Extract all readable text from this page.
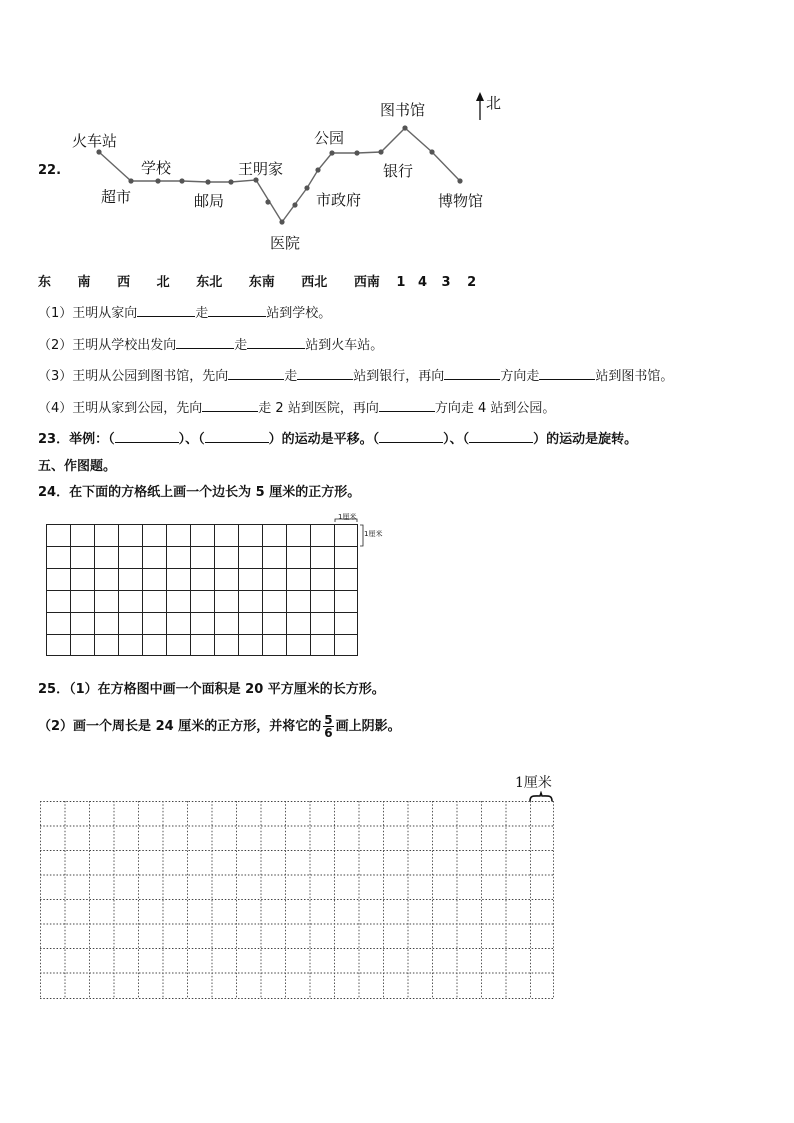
22.
北
火车站
超市
学校
邮局
王明家
医院
市政府
公园
图书馆
银行
博物馆
东 南 西 北 东北 东南 西北 西南 1 4 3 2
（1）王明从家向	走	站到学校。
（2）王明从学校出发向	走	站到火车站。
（3）王明从公园到图书馆，先向	走	站到银行，再向	方向走	站到图书馆。
（4）王明从家到公园，先向	走 2 站到医院，再向	方向走 4 站到公园。
23．举例：（	）、（	）的运动是平移。（	）、（	）的运动是旋转。
五、作图题。
24．在下面的方格纸上画一个边长为 5 厘米的正方形。
1厘米
1厘米
25．（1）在方格图中画一个面积是 20 平方厘米的长方形。
（2）画一个周长是 24 厘米的正方形，并将它的 $\frac{5}{6}$ 画上阴影。
1厘米
